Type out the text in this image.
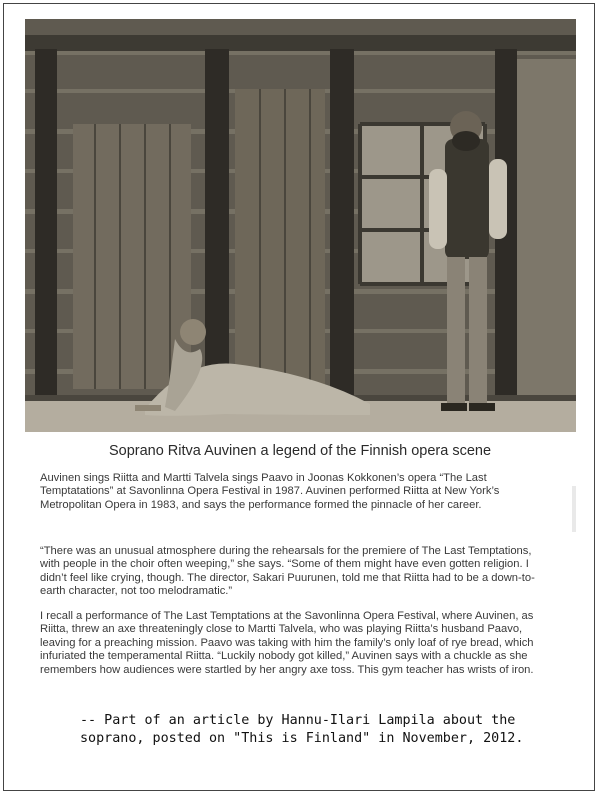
Soprano Ritva Auvinen a legend of the Finnish opera scene

Auvinen sings Riitta and Martti Talvela sings Paavo in Joonas Kokkonen’s opera “The Last Temptatations” at Savonlinna Opera Festival in 1987. Auvinen performed Riitta at New York’s Metropolitan Opera in 1983, and says the performance formed the pinnacle of her career.

“There was an unusual atmosphere during the rehearsals for the premiere of The Last Temptations, with people in the choir often weeping,” she says. “Some of them might have even gotten religion. I didn’t feel like crying, though. The director, Sakari Puurunen, told me that Riitta had to be a down-to-earth character, not too melodramatic.”

I recall a performance of The Last Temptations at the Savonlinna Opera Festival, where Auvinen, as Riitta, threw an axe threateningly close to Martti Talvela, who was playing Riitta’s husband Paavo, leaving for a preaching mission. Paavo was taking with him the family’s only loaf of rye bread, which infuriated the temperamental Riitta. “Luckily nobody got killed,” Auvinen says with a chuckle as she remembers how audiences were startled by her angry axe toss. This gym teacher has wrists of iron.

-- Part of an article by Hannu-Ilari Lampila about the soprano, posted on "This is Finland" in November, 2012.
